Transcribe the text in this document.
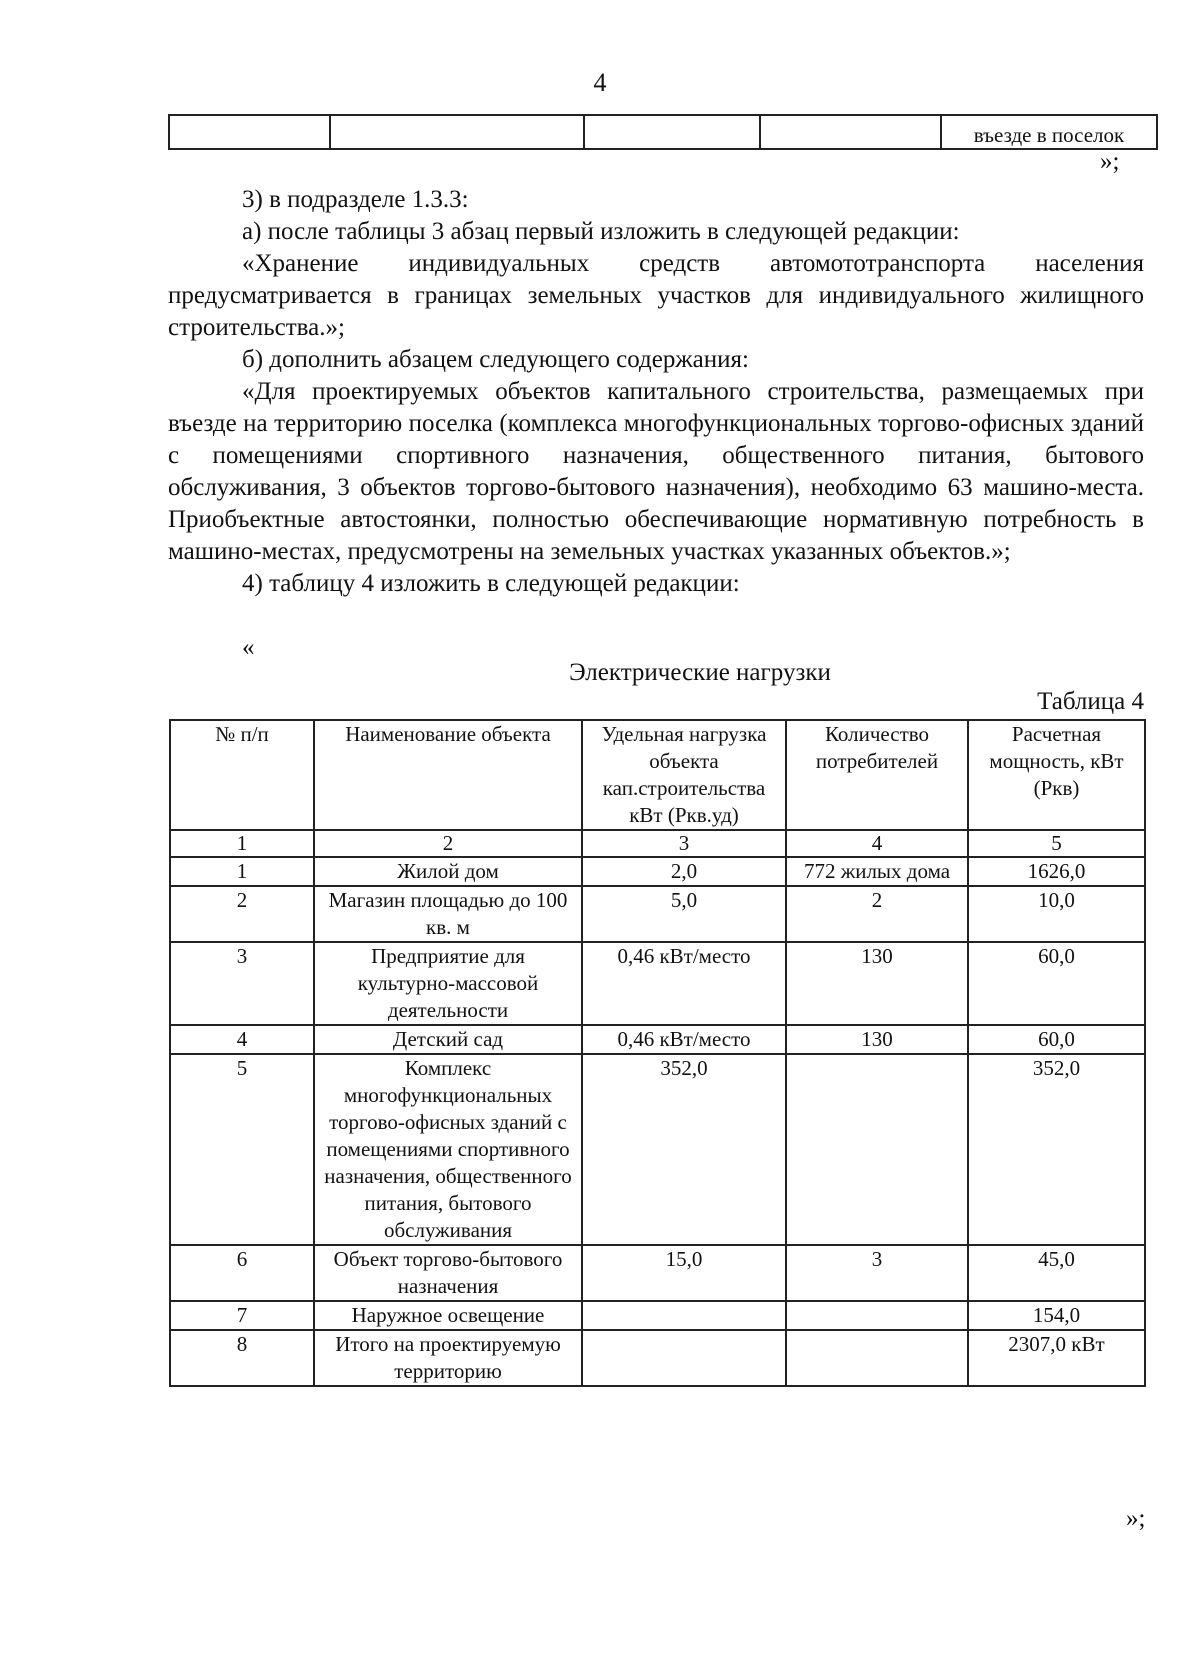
4
				въезде в поселок
»;

3) в подразделе 1.3.3:

а) после таблицы 3 абзац первый изложить в следующей редакции:

«Хранение индивидуальных средств автомототранспорта населения предусматривается в границах земельных участков для индивидуального жилищного строительства.»;

б) дополнить абзацем следующего содержания:

«Для проектируемых объектов капитального строительства, размещаемых при въезде на территорию поселка (комплекса многофункциональных торгово-офисных зданий с помещениями спортивного назначения, общественного питания, бытового обслуживания, 3 объектов торгово-бытового назначения), необходимо 63 машино-места. Приобъектные автостоянки, полностью обеспечивающие нормативную потребность в машино-местах, предусмотрены на земельных участках указанных объектов.»;

4) таблицу 4 изложить в следующей редакции:

«
Электрические нагрузки
Таблица 4
№ п/п	Наименование объекта	Удельная нагрузка объекта кап.строительства кВт (Ркв.уд)	Количество потребителей	Расчетная мощность, кВт (Ркв)
1	2	3	4	5
1	Жилой дом	2,0	772 жилых дома	1626,0
2	Магазин площадью до 100 кв. м	5,0	2	10,0
3	Предприятие для культурно-массовой деятельности	0,46 кВт/место	130	60,0
4	Детский сад	0,46 кВт/место	130	60,0
5	Комплекс многофункциональных торгово-офисных зданий с помещениями спортивного назначения, общественного питания, бытового обслуживания	352,0		352,0
6	Объект торгово-бытового назначения	15,0	3	45,0
7	Наружное освещение			154,0
8	Итого на проектируемую территорию			2307,0 кВт
»;
